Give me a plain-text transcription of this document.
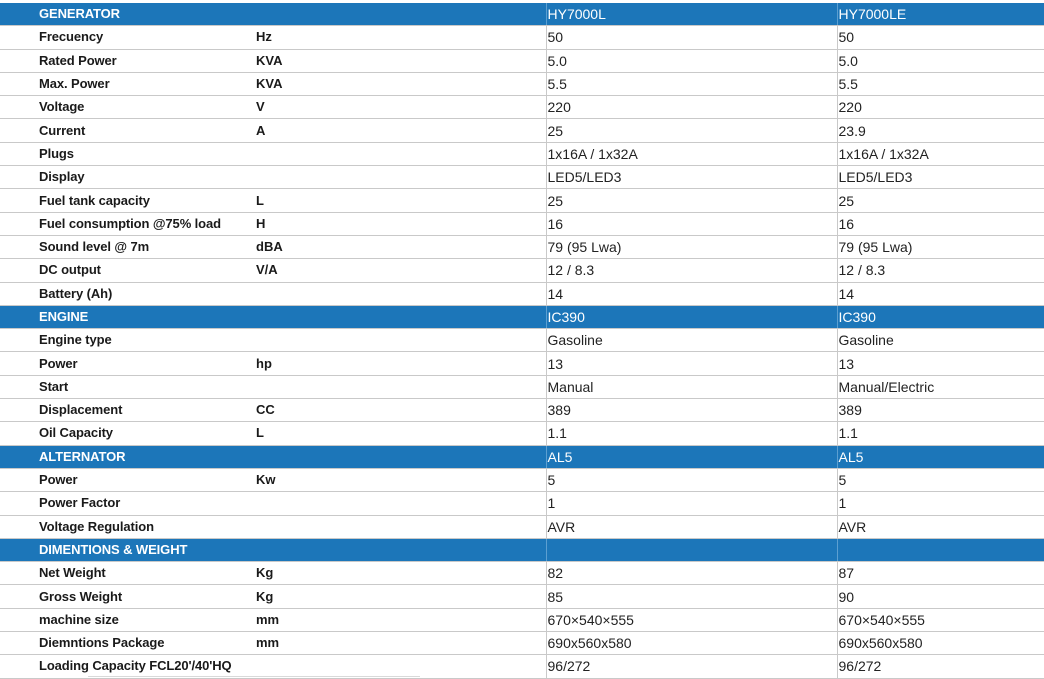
GENERATOR		HY7000L	HY7000LE
Frecuency	Hz	50	50
Rated Power	KVA	5.0	5.0
Max. Power	KVA	5.5	5.5
Voltage	V	220	220
Current	A	25	23.9
Plugs		1x16A / 1x32A	1x16A / 1x32A
Display		LED5/LED3	LED5/LED3
Fuel tank capacity	L	25	25
Fuel consumption @75% load	H	16	16
Sound level @ 7m	dBA	79 (95 Lwa)	79 (95 Lwa)
DC output	V/A	12 / 8.3	12 / 8.3
Battery (Ah)		14	14
ENGINE		IC390	IC390
Engine type		Gasoline	Gasoline
Power	hp	13	13
Start		Manual	Manual/Electric
Displacement	CC	389	389
Oil Capacity	L	1.1	1.1
ALTERNATOR		AL5	AL5
Power	Kw	5	5
Power Factor		1	1
Voltage Regulation		AVR	AVR
DIMENTIONS & WEIGHT			
Net Weight	Kg	82	87
Gross Weight	Kg	85	90
machine size	mm	670×540×555	670×540×555
Diemntions Package	mm	690x560x580	690x560x580
Loading Capacity FCL20'/40'HQ		96/272	96/272
